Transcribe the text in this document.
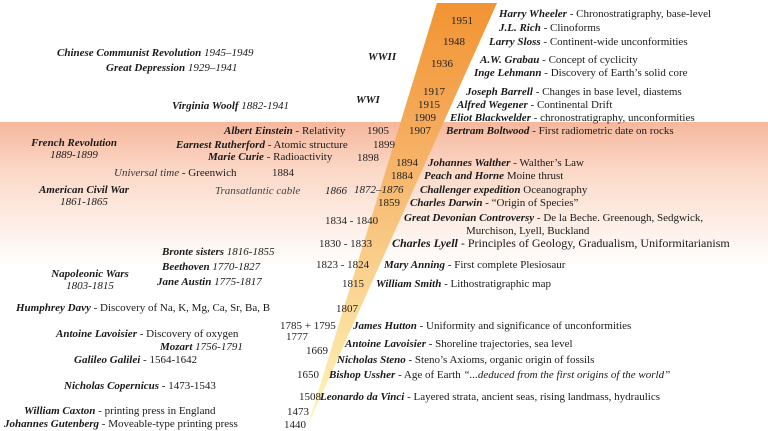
WWII
WWI
1951
Harry Wheeler - Chronostratigraphy, base-level
J.L. Rich - Clinoforms
1948 Larry Sloss - Continent-wide unconformities
1936 A.W. Grabau - Concept of cyclicity
Inge Lehmann - Discovery of Earth’s solid core
1917 Joseph Barrell - Changes in base level, diastems
1915 Alfred Wegener - Continental Drift
1909 Eliot Blackwelder - chronostratigraphy, unconformities
1907 Bertram Boltwood - First radiometric date on rocks
1894 Johannes Walther - Walther’s Law
1884 Peach and Horne Moine thrust
1872–1876 Challenger expedition Oceanography
1859 Charles Darwin - “Origin of Species”
1834 - 1840 Great Devonian Controversy - De la Beche. Greenough, Sedgwick,
Murchison, Lyell, Buckland
1830 - 1833 Charles Lyell - Principles of Geology, Gradualism, Uniformitarianism
1823 - 1824 Mary Anning - First complete Plesiosaur
1815 William Smith - Lithostratigraphic map
1807
1785 + 1795 James Hutton - Uniformity and significance of unconformities
1777
Antoine Lavoisier - Shoreline trajectories, sea level
1669
Nicholas Steno - Steno’s Axioms, organic origin of fossils
1650 Bishop Ussher - Age of Earth “...deduced from the first origins of the world”
1508 Leonardo da Vinci - Layered strata, ancient seas, rising landmass, hydraulics
1473
1440
Chinese Communist Revolution 1945–1949
Great Depression 1929–1941
Virginia Woolf 1882-1941
Albert Einstein - Relativity 1905
Earnest Rutherford - Atomic structure 1899
Marie Curie - Radioactivity 1898
French Revolution
1889-1899
Universal time - Greenwich	1884
American Civil War
1861-1865
Transatlantic cable 1866
Bronte sisters 1816-1855
Beethoven 1770-1827
Jane Austin 1775-1817
Napoleonic Wars
1803-1815
Humphrey Davy - Discovery of Na, K, Mg, Ca, Sr, Ba, B
Antoine Lavoisier - Discovery of oxygen
Mozart 1756-1791
Galileo Galilei - 1564-1642
Nicholas Copernicus - 1473-1543
William Caxton - printing press in England
Johannes Gutenberg - Moveable-type printing press
